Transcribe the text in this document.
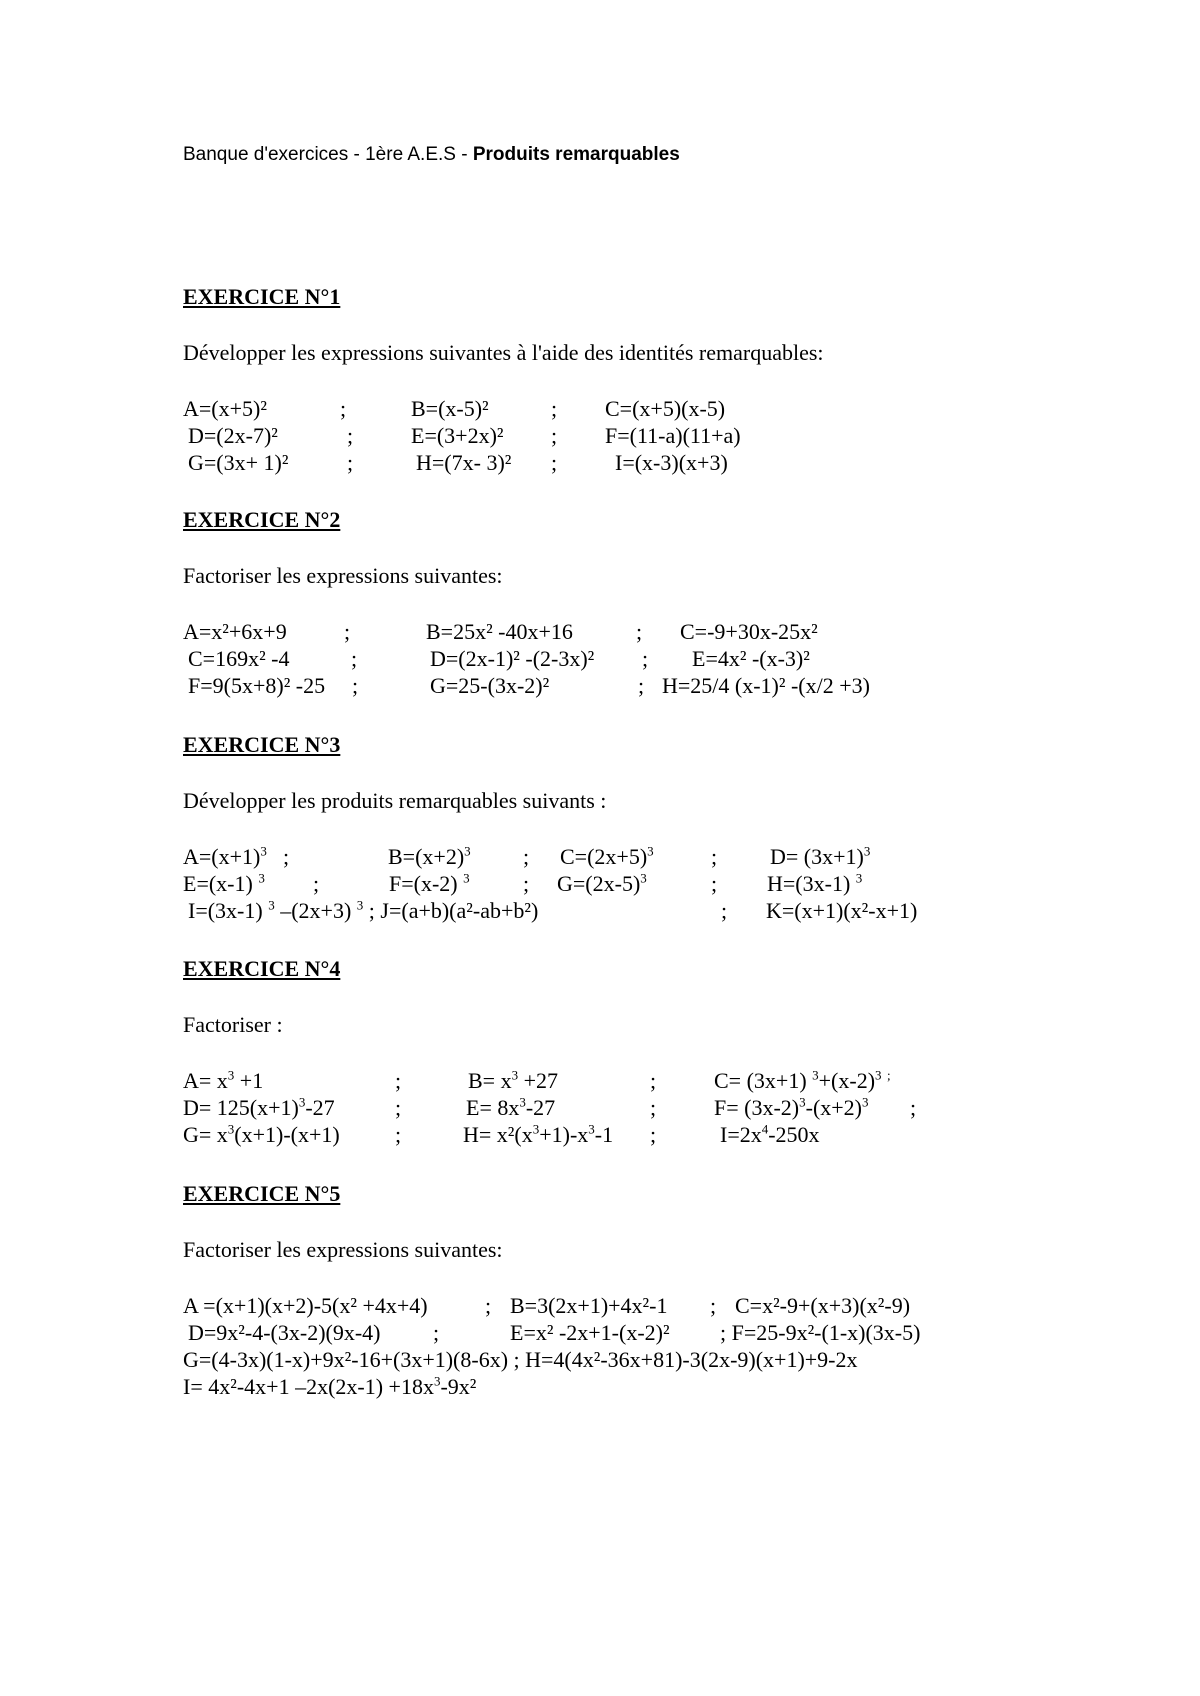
Banque d'exercices - 1ère A.E.S - Produits remarquables
EXERCICE N°1
Développer les expressions suivantes à l'aide des identités remarquables:
A=(x+5)²	;	B=(x-5)²	; C=(x+5)(x-5)
D=(2x-7)²	;	E=(3+2x)² ; F=(11-a)(11+a)
G=(3x+ 1)²	;	H=(7x- 3)² ;	I=(x-3)(x+3)
EXERCICE N°2
Factoriser les expressions suivantes:
A=x²+6x+9	;	B=25x² -40x+16	; C=-9+30x-25x²
C=169x² -4	;	D=(2x-1)² -(2-3x)² ; E=4x² -(x-3)²
F=9(5x+8)² -25 ;	G=25-(3x-2)²	; H=25/4 (x-1)² -(x/2 +3)
EXERCICE N°3
Développer les produits remarquables suivants :
$A=(x+1)^3$ ;	$B=(x+2)^3$ ; $C=(2x+5)^3$	; $D= (3x+1)^3$
E=(x-1) $^3$ ;	F=(x-2) $^3$ ; $G=(2x-5)^3$	; H=(3x-1) $^3$
I=(3x-1) $^3$ –(2x+3) $^3$ ; J=(a+b)(a²-ab+b²)	; K=(x+1)(x²-x+1)
EXERCICE N°4
Factoriser :
$A= x^3 +1$	;	$B= x^3 +27$	;	C= (3x+1) $^3+(x-2)^3$ ;
$D= 125(x+1)^3-27$	;	$E= 8x^3-27$	;	$F= (3x-2)^3-(x+2)^3$ ;
$G= x^3(x+1)-(x+1)$	;	$H= x^2(x^3+1)-x^3-1$ ;	$I=2x^4-250x$
EXERCICE N°5
Factoriser les expressions suivantes:
A =(x+1)(x+2)-5(x² +4x+4)	; B=3(2x+1)+4x²-1 ; C=x²-9+(x+3)(x²-9)
D=9x²-4-(3x-2)(9x-4) ;	E=x² -2x+1-(x-2)² ; F=25-9x²-(1-x)(3x-5)
G=(4-3x)(1-x)+9x²-16+(3x+1)(8-6x) ; H=4(4x²-36x+81)-3(2x-9)(x+1)+9-2x
I= 4x²-4x+1 $-2x(2x-1) +18x^3-9x^2$
